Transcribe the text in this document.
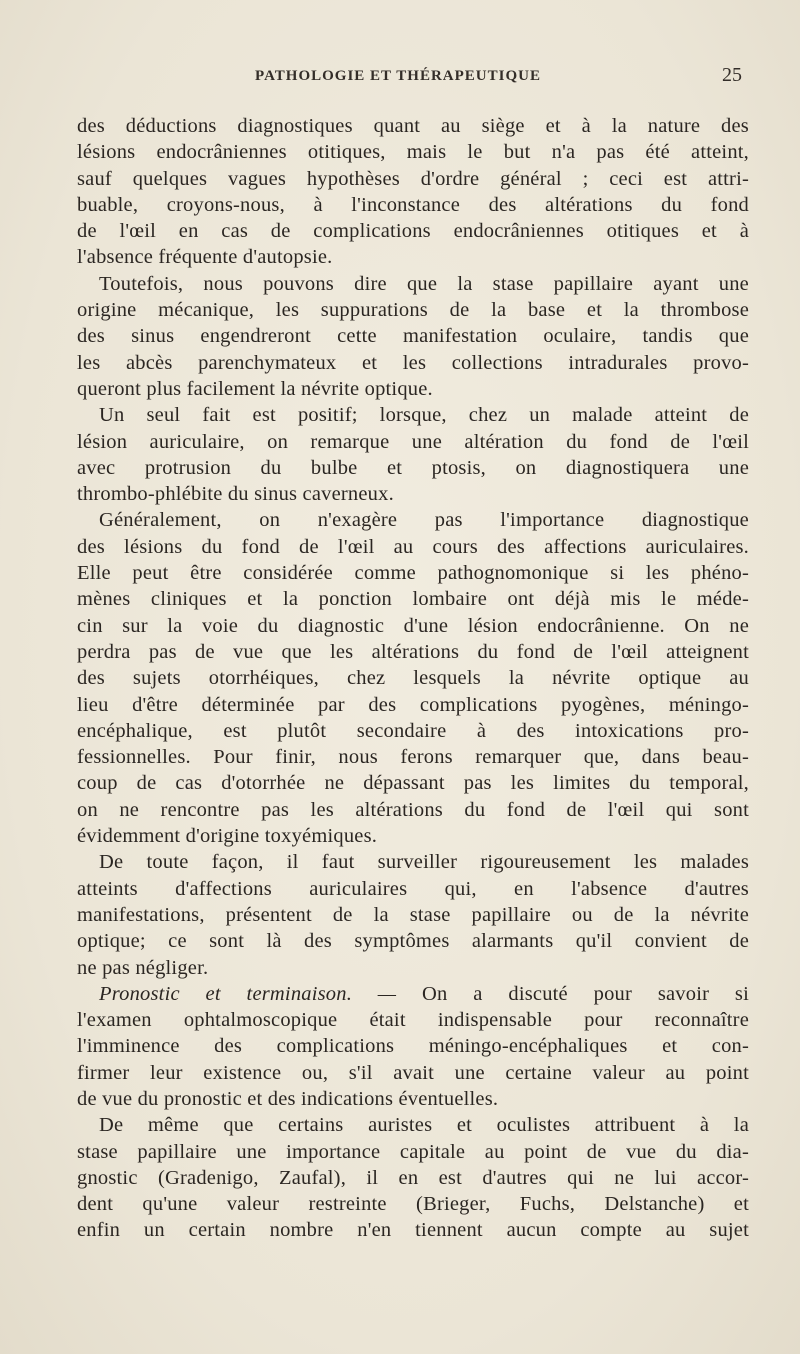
PATHOLOGIE ET THÉRAPEUTIQUE	25
des déductions diagnostiques quant au siège et à la nature des
lésions endocrâniennes otitiques, mais le but n'a pas été atteint,
sauf quelques vagues hypothèses d'ordre général ; ceci est attri-
buable, croyons-nous, à l'inconstance des altérations du fond
de l'œil en cas de complications endocrâniennes otitiques et à
l'absence fréquente d'autopsie.
Toutefois, nous pouvons dire que la stase papillaire ayant une
origine mécanique, les suppurations de la base et la thrombose
des sinus engendreront cette manifestation oculaire, tandis que
les abcès parenchymateux et les collections intradurales provo-
queront plus facilement la névrite optique.
Un seul fait est positif; lorsque, chez un malade atteint de
lésion auriculaire, on remarque une altération du fond de l'œil
avec protrusion du bulbe et ptosis, on diagnostiquera une
thrombo-phlébite du sinus caverneux.
Généralement, on n'exagère pas l'importance diagnostique
des lésions du fond de l'œil au cours des affections auriculaires.
Elle peut être considérée comme pathognomonique si les phéno-
mènes cliniques et la ponction lombaire ont déjà mis le méde-
cin sur la voie du diagnostic d'une lésion endocrânienne. On ne
perdra pas de vue que les altérations du fond de l'œil atteignent
des sujets otorrhéiques, chez lesquels la névrite optique au
lieu d'être déterminée par des complications pyogènes, méningo-
encéphalique, est plutôt secondaire à des intoxications pro-
fessionnelles. Pour finir, nous ferons remarquer que, dans beau-
coup de cas d'otorrhée ne dépassant pas les limites du temporal,
on ne rencontre pas les altérations du fond de l'œil qui sont
évidemment d'origine toxyémiques.
De toute façon, il faut surveiller rigoureusement les malades
atteints d'affections auriculaires qui, en l'absence d'autres
manifestations, présentent de la stase papillaire ou de la névrite
optique; ce sont là des symptômes alarmants qu'il convient de
ne pas négliger.
Pronostic et terminaison. — On a discuté pour savoir si
l'examen ophtalmoscopique était indispensable pour reconnaître
l'imminence des complications méningo-encéphaliques et con-
firmer leur existence ou, s'il avait une certaine valeur au point
de vue du pronostic et des indications éventuelles.
De même que certains auristes et oculistes attribuent à la
stase papillaire une importance capitale au point de vue du dia-
gnostic (Gradenigo, Zaufal), il en est d'autres qui ne lui accor-
dent qu'une valeur restreinte (Brieger, Fuchs, Delstanche) et
enfin un certain nombre n'en tiennent aucun compte au sujet
